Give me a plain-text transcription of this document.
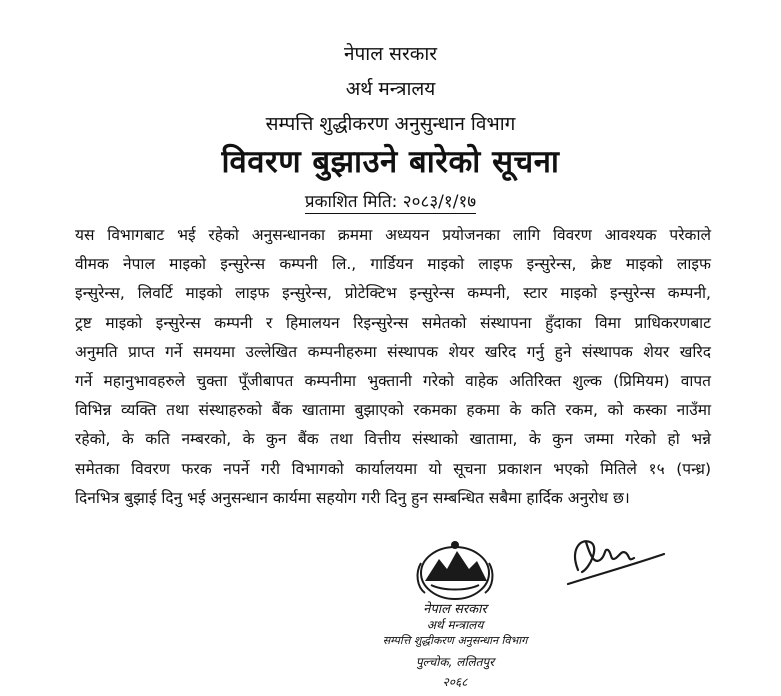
नेपाल सरकार
अर्थ मन्त्रालय
सम्पत्ति शुद्धीकरण अनुसुन्धान विभाग
विवरण बुझाउने बारेको सूचना
प्रकाशित मिति: २०८३/१/१७

यस विभागबाट भई रहेको अनुसन्धानका क्रममा अध्ययन प्रयोजनका लागि विवरण आवश्यक परेकाले

वीमक नेपाल माइको इन्सुरेन्स कम्पनी लि., गार्डियन माइको लाइफ इन्सुरेन्स, क्रेष्ट माइको लाइफ

इन्सुरेन्स, लिवर्टि माइको लाइफ इन्सुरेन्स, प्रोटेक्टिभ इन्सुरेन्स कम्पनी, स्टार माइको इन्सुरेन्स कम्पनी,

ट्रष्ट माइको इन्सुरेन्स कम्पनी र हिमालयन रिइन्सुरेन्स समेतको संस्थापना हुँदाका विमा प्राधिकरणबाट

अनुमति प्राप्त गर्ने समयमा उल्लेखित कम्पनीहरुमा संस्थापक शेयर खरिद गर्नु हुने संस्थापक शेयर खरिद

गर्ने महानुभावहरुले चुक्ता पूँजीबापत कम्पनीमा भुक्तानी गरेको वाहेक अतिरिक्त शुल्क (प्रिमियम) वापत

विभिन्न व्यक्ति तथा संस्थाहरुको बैंक खातामा बुझाएको रकमका हकमा के कति रकम, को कस्का नाउँमा

रहेको, के कति नम्बरको, के कुन बैंक तथा वित्तीय संस्थाको खातामा, के कुन जम्मा गरेको हो भन्ने

समेतका विवरण फरक नपर्ने गरी विभागको कार्यालयमा यो सूचना प्रकाशन भएको मितिले १५ (पन्ध्र)

दिनभित्र बुझाई दिनु भई अनुसन्धान कार्यमा सहयोग गरी दिनु हुन सम्बन्धित सबैमा हार्दिक अनुरोध छ।

नेपाल सरकार
अर्थ मन्त्रालय
सम्पत्ति शुद्धीकरण अनुसन्धान विभाग
पुल्चोक, ललितपुर
२०६८
